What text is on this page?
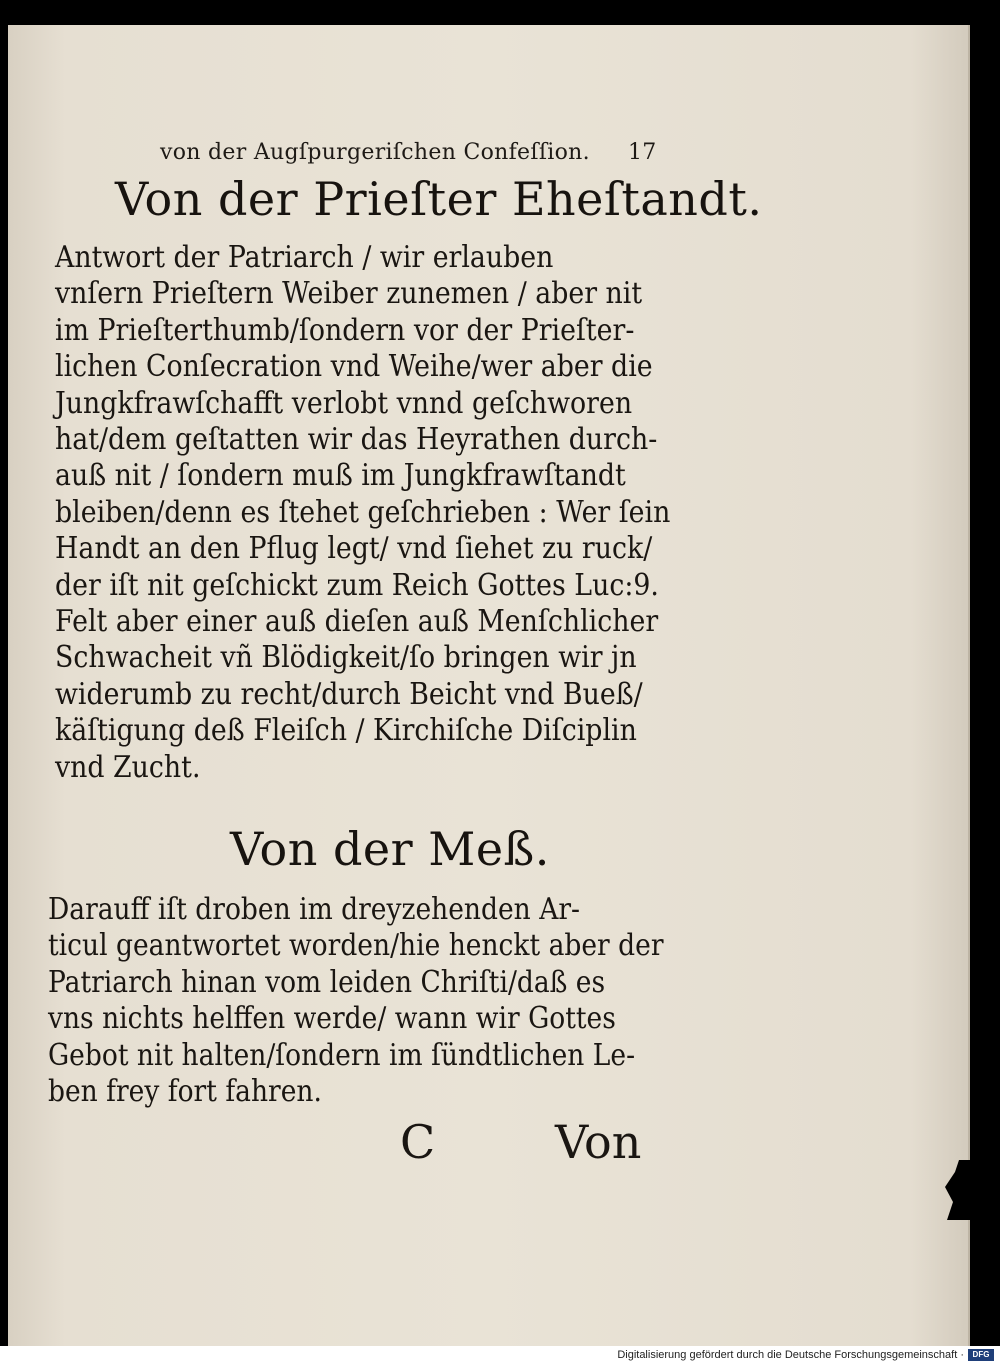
von der Augſpurgeriſchen Confeſſion. 17
Von der Prieſter Eheſtandt.
Antwort der Patriarch / wir erlauben
vnſern Prieſtern Weiber zunemen / aber nit
im Prieſterthumb/ſondern vor der Prieſter-
lichen Conſecration vnd Weihe/wer aber die
Jungkfrawſchafft verlobt vnnd geſchworen
hat/dem geſtatten wir das Heyrathen durch-
auß nit / ſondern muß im Jungkfrawſtandt
bleiben/denn es ſtehet geſchrieben : Wer ſein
Handt an den Pflug legt/ vnd ſiehet zu ruck/
der iſt nit geſchickt zum Reich Gottes Luc:9.
Felt aber einer auß dieſen auß Menſchlicher
Schwacheit vñ Blödigkeit/ſo bringen wir jn
widerumb zu recht/durch Beicht vnd Bueß/
käſtigung deß Fleiſch / Kirchiſche Diſciplin
vnd Zucht.
Von der Meß.
Darauff iſt droben im dreyzehenden Ar-
ticul geantwortet worden/hie henckt aber der
Patriarch hinan vom leiden Chriſti/daß es
vns nichts helffen werde/ wann wir Gottes
Gebot nit halten/ſondern im ſündtlichen Le-
ben frey fort fahren.
C	Von
Digitalisierung gefördert durch die Deutsche Forschungsgemeinschaft ·	DFG
